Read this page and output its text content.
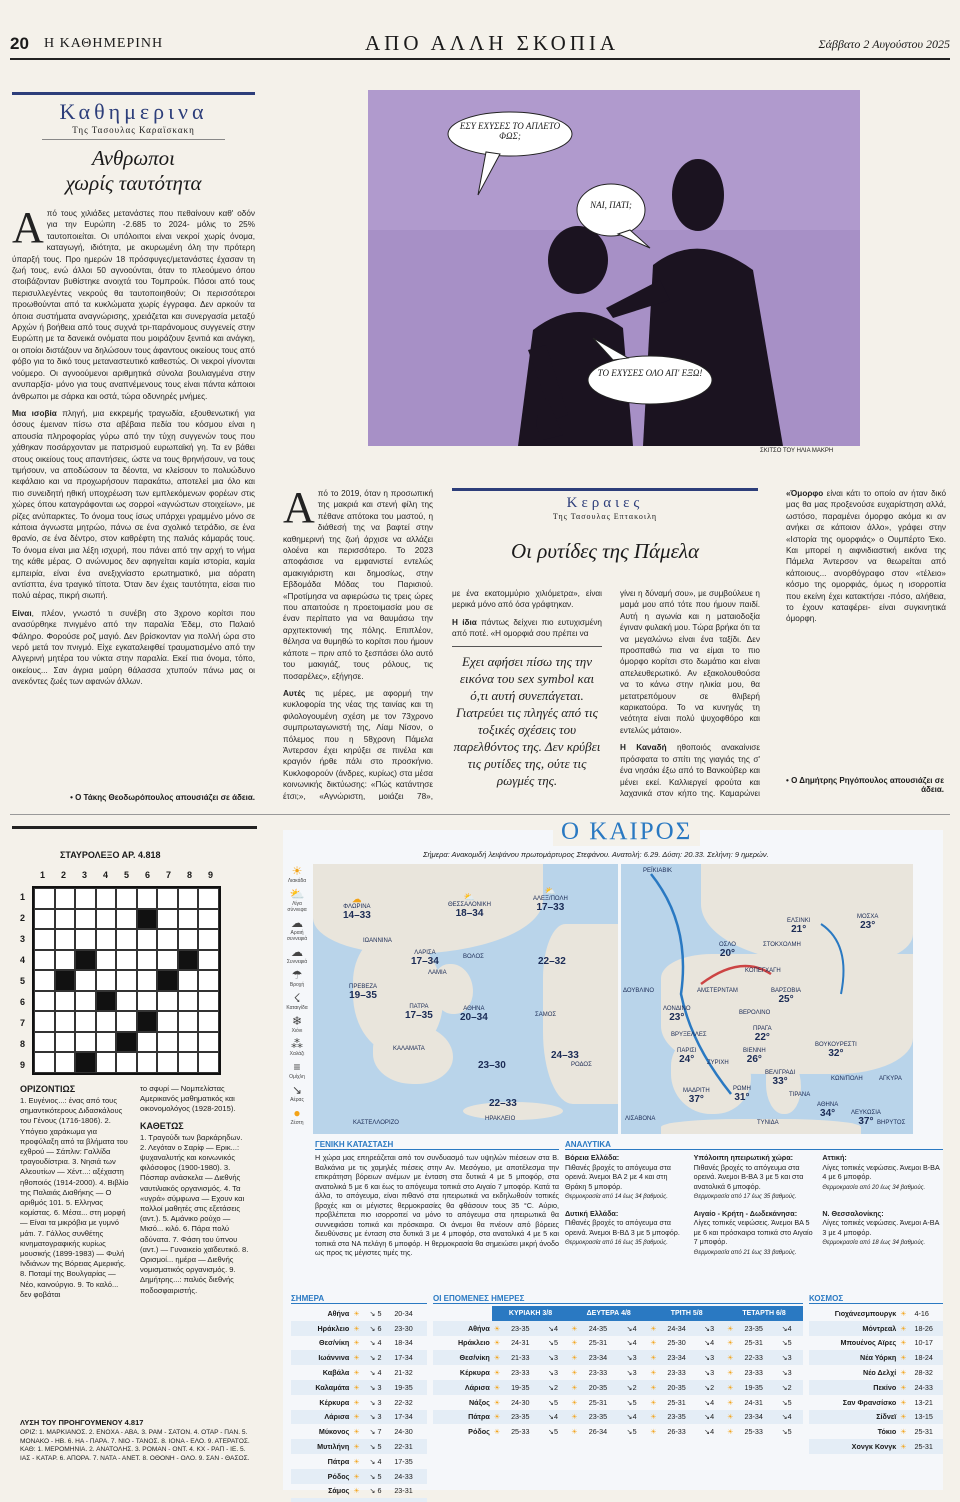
20 Η ΚΑΘΗΜΕΡΙΝΗ	ΑΠΟ ΑΛΛΗ ΣΚΟΠΙΑ	Σάββατο 2 Αυγούστου 2025
Καθημερινα
Της Τασουλας Καραϊσκακη
Ανθρωποι
χωρίς ταυτότητα

Από τους χιλιάδες μετανάστες που πεθαίνουν καθ' οδόν για την Ευρώπη -2.685 το 2024- μόλις το 25% ταυτοποιείται. Οι υπόλοιποι είναι νεκροί χωρίς όνομα, καταγωγή, ιδιότητα, με ακυρωμένη όλη την πρότερη ύπαρξή τους. Προ ημερών 18 πρόσφυγες/μετανάστες έχασαν τη ζωή τους, ενώ άλλοι 50 αγνοούνται, όταν το πλεούμενο όπου στοιβάζονταν βυθίστηκε ανοιχτά του Τομπρούκ. Πόσοι από τους περισυλλεγέντες νεκρούς θα ταυτοποιηθούν; Οι περισσότεροι προωθούνται από τα κυκλώματα χωρίς έγγραφα. Δεν αρκούν τα όποια συστήματα αναγνώρισης, χρειάζεται και συνεργασία μεταξύ Αρχών ή βοήθεια από τους συχνά τρι-παράνομους συγγενείς στην Ευρώπη με τα δανεικά ονόματα που μοιράζουν ξενιτιά και ανάγκη, οι οποίοι διστάζουν να δηλώσουν τους άφαντους οικείους τους από φόβο για το δικό τους μεταναστευτικό καθεστώς. Οι νεκροί γίνονται νούμερο. Οι αγνοούμενοι αριθμητικά σύνολα βουλιαγμένα στην ανυπαρξία- μόνο για τους αναπνέμενους τους είναι πάντα κάποιοι άνθρωποι με σάρκα και οστά, τώρα οδυνηρές μνήμες.

Μια ισοβία πληγή, μια εκκρεμής τραγωδία, εξουθενωτική για όσους έμειναν πίσω στα αβέβαια πεδία του κόσμου είναι η απουσία πληροφορίας γύρω από την τύχη συγγενών τους που χάθηκαν ποσάρχονταν με πατρισμού ευρωπαϊκή γη. Τα εν βάθει στους οικείους τους απαντήσεις, ώστε να τους θρηνήσουν, να τους τιμήσουν, να αποδώσουν τα δέοντα, να κλείσουν το πολυώδυνο κεφάλαιο και να προχωρήσουν παρακάτω, αποτελεί μια όλο και πιο συνειδητή ηθική υποχρέωση των εμπλεκόμενων φορέων στις χώρες όπου καταγράφονται ως σορροί «αγνώστων στοιχείων», με ρίζες ανύπαρκτες. Το όνομα τους ίσως υπάρχει γραμμένο μόνο σε κάποια άγνωστα μητρώο, πάνω σε ένα σχολικό τετράδιο, σε ένα θρανίο, σε ένα δέντρο, στον καθρέφτη της παλιάς κάμαράς τους. Το όνομα είναι μια λέξη ισχυρή, που πάνει από την αρχή το νήμα της κάθε μέρας. Ο ανώνυμος δεν αφηγείται καμία ιστορία, καμία εμπειρία, είναι ένα ανεξιχνίαστο ερωτηματικό, μια αόρατη αντίσπτα, ένα τραγικό τίποτα. Όταν δεν έχεις ταυτότητα, είσαι πιο πολύ αέρας, πικρή σιωπή.

Είναι, πλέον, γνωστό τι συνέβη στο 3χρονο κορίτσι που ανασύρθηκε πνιγμένο από την παραλία Έδεμ, στο Παλαιό Φάληρο. Φορούσε ροζ μαγιό. Δεν βρίσκονταν για πολλή ώρα στο νερό μετά τον πνιγμό. Είχε εγκαταλειφθεί τραυματισμένο από την Αλγερινή μητέρα του νύκτα στην παραλία. Εκεί πια όνομα, τόπο, οικείους... Σαν άγρια μαύρη θάλασσα χτυπούν πάνω μας οι ανεκόντες ζωές των αφανών άλλων.

• Ο Τάκης Θεοδωρόπουλος απουσιάζει σε άδεια.
ΕΣΥ ΕΧΥΣΕΣ ΤΟ ΑΠΛΕΤΟ ΦΩΣ;
ΝΑΙ, ΠΑΤΙ;
ΤΟ ΕΧΥΣΕΣ ΟΛΟ ΑΠ' ΕΞΩ!
ΣΚΙΤΣΟ ΤΟΥ ΗΛΙΑ ΜΑΚΡΗ

Από το 2019, όταν η προσωπική της μακριά και στενή φίλη της πέθανε απότοκα του μαστού, η διάθεσή της να βαφτεί στην καθημερινή της ζωή άρχισε να αλλάζει ολοένα και περισσότερο. Το 2023 αποφάσισε να εμφανιστεί εντελώς αμακιγιάριστη και δημοσίως, στην Εβδομάδα Μόδας του Παρισιού. «Προτίμησα να αφιερώσω τις τρεις ώρες που απαιτούσε η προετοιμασία μου σε έναν περίπατο για να θαυμάσω την αρχιτεκτονική της πόλης. Επιπλέον, θέλησα να θυμηθώ το κορίτσι που ήμουν κάποτε – πριν από το ξεσπάσει όλο αυτό του μακιγιάζ, τους ρόλους, τις ποσαρέλες», εξήγησε.

Αυτές τις μέρες, με αφορμή την κυκλοφορία της νέας της ταινίας και τη φιλολογουμένη σχέση με τον 73χρονο συμπρωταγωνιστή της, Λίαμ Νίσον, ο πόλεμος που η 58χρονη Πάμελα Άντερσον έχει κηρύξει σε πινέλα και κραγιόν ήρθε πάλι στο προσκήνιο. Κυκλοφορούν (άνδρες, κυρίως) στα μέσα κοινωνικής δικτύωσης: «Πώς κατάντησε έτσι;», «Αγνώριστη, μοιάζει 78»,

Κεραιες
Της Τασουλας Επτακοιλη
Οι ρυτίδες της Πάμελα

με ένα εκατομμύριο χιλιόμετρα», είναι μερικά μόνο από όσα γράφτηκαν.

Η ίδια πάντως δείχνει πιο ευτυχισμένη από ποτέ. «Η ομορφιά σου πρέπει να

Εχει αφήσει πίσω της την εικόνα του sex symbol και ό,τι αυτή συνεπάγεται. Γιατρεύει τις πληγές από τις τοξικές σχέσεις του παρελθόντος της. Δεν κρύβει τις ρυτίδες της, ούτε τις ρωγμές της.

γίνει η δύναμή σου», με συμβούλευε η μαμά μου από τότε που ήμουν παιδί. Αυτή η αγωνία και η ματαιοδοξία έγιναν φυλακή μου. Τώρα βρήκα ότι τα να μεγαλώνω είναι ένα ταξίδι. Δεν προσπαθώ πια να είμαι το πιο όμορφο κορίτσι στο δωμάτιο και είναι απελευθερωτικό. Αν εξακολουθούσα να το κάνω στην ηλικία μου, θα μετατρεπόμουν σε θλιβερή καρικατούρα. Το να κυνηγάς τη νεότητα είναι πολύ ψυχοφθόρο και εντελώς μάταιο».

Η Καναδή ηθοποιός ανακαίνισε πρόσφατα το σπίτι της γιαγιάς της σ' ένα νησάκι έξω από το Βανκούβερ και μένει εκεί. Καλλιεργεί φρούτα και λαχανικά στον κήπο της. Καμαρώνει

«Όμορφο είναι κάτι το οποίο αν ήταν δικό μας θα μας προξενούσε ευχαρίστηση αλλά, ωστόσο, παραμένει όμορφο ακόμα κι αν ανήκει σε κάποιον άλλο», γράφει στην «Ιστορία της ομορφιάς» ο Ουμπέρτο Έκο. Και μπορεί η αιφνιδιαστική εικόνα της Πάμελα Άντερσον να θεωρείται από κάποιους... ανορθόγραφο στον «τέλειο» κόσμο της ομορφιάς, όμως η ισορροπία που εκείνη έχει κατακτήσει -πόσο, αλήθεια, το έχουν καταφέρει- είναι συγκινητικά όμορφη.

• Ο Δημήτρης Ρηγόπουλος απουσιάζει σε άδεια.
ΣΤΑΥΡΟΛΕΞΟ ΑΡ. 4.818
1	2	3	4	5	6	7	8	9
1
2
3
4
5
6
7
8
9
ΟΡΙΖΟΝΤΙΩΣ
1. Ευγένιος...: ένας από τους σημαντικότερους Διδασκάλους του Γένους (1716-1806). 2. Υπόγειο χαράκωμα για προφύλαξη από τα βλήματα του εχθρού — Σάπλιν: Γαλλίδα τραγουδίστρια. 3. Νησιά των Αλεουτίων — Χέντ...: αξέχαστη ηθοποιός (1914-2000). 4. Βιβλίο της Παλαιάς Διαθήκης — Ο αριθμός 101. 5. Ελληνας κομίστας. 6. Μέσα... στη μορφή — Είναι τα μικρόβια με γυμνό μάτι. 7. Γάλλος συνθέτης κινηματογραφικής κυρίως μουσικής (1899-1983) — Φυλή Ινδιάνων της Βόρειας Αμερικής. 8. Ποταμί της Βουλγαρίας — Νέο, καινούργιο. 9. Το καλό... δεν φοβάται
το σφυρί — Νομπελίστας Αμερικανός μαθηματικός και οικονομολόγος (1928-2015).
ΚΑΘΕΤΩΣ
1. Τραγούδι των βαρκάρηδων. 2. Λεγόταν ο Σαρίφ — Ερικ...: ψυχαναλυτής και κοινωνικός φιλόσοφος (1900-1980). 3. Πόσπαρ ανάσκελα — Διεθνής ναυτιλιακός οργανισμός. 4. Τα «υγρά» σύμφωνα — Εχουν και πολλοί μαθητές στις εξετάσεις (αντ.). 5. Αμάνικο ρούχο — Μισό... κιλό. 6. Πάρα πολύ αδύνατα. 7. Φάση του ύπνου (αντ.) — Γυναικείο χαϊδευτικό. 8. Ορισμοί... ημέρα — Διεθνής νομισματικός οργανισμός. 9. Δημήτρης...: παλιός διεθνής ποδοσφαιριστής.
ΛΥΣΗ ΤΟΥ ΠΡΟΗΓΟΥΜΕΝΟΥ 4.817
ΟΡΙΖ: 1. ΜΑΡΚΙΑΝΟΣ. 2. ΕΝΟΧΑ - ΑΒΑ. 3. ΡΑΜ - ΣΑΤΟΝ. 4. ΟΤΑΡ - ΠΑΝ. 5. ΜΟΝΑΚΟ - ΗΒ. 6. ΗΑ - ΠΑΡΑ. 7. ΝΙΟ - ΤΑΝΟΣ. 8. ΙΟΝΑ - ΕΛΟ. 9. ΑΤΕΡΑΤΟΣ. ΚΑΘ: 1. ΜΕΡΟΜΗΝΙΑ. 2. ΑΝΑΤΟΛΗΣ. 3. ΡΟΜΑΝ - ΟΝΤ. 4. ΚΧ - ΡΑΠ - ΙΕ. 5. ΙΑΣ - ΚΑΤΑΡ. 6. ΑΠΟΡΑ. 7. ΝΑΤΑ - ΑΝΕΤ. 8. ΟΘΟΝΗ - ΟΛΟ. 9. ΣΑΝ - ΘΑΣΟΣ.
Ο ΚΑΙΡΟΣ
Σήμερα: Ανακομιδή λειψάνου πρωτομάρτυρος Στεφάνου. Ανατολή: 6.29. Δύση: 20.33. Σελήνη: 9 ημερών.
☀
Λιακάδα
⛅
Λίγα σύννεφα
☁
Αραιή συννεφιά
☁
Συννεφιά
☂
Βροχή
☇
Καταιγίδα
❄
Χιόνι
⁂
Χαλάζι
≡
Ομίχλη
↘
Αέρας
●
Ζέστη
☁

ΦΛΩΡΙΝΑ
14–33
⛅

ΘΕΣΣΑΛΟΝΙΚΗ
18–34
⛅

ΑΛΕΞ/ΠΟΛΗ
17–33
ΙΩΑΝΝΙΝΑ
ΛΑΡΙΣΑ
17–34	ΒΟΛΟΣ
ΛΑΜΙΑ
ΠΡΕΒΕΖΑ
19–35
ΠΑΤΡΑ
17–35
ΑΘΗΝΑ
20–34	ΣΑΜΟΣ
ΚΑΛΑΜΑΤΑ
ΡΟΔΟΣ
ΗΡΑΚΛΕΙΟ
ΚΑΣΤΕΛΛΟΡΙΖΟ
22–32
23–30
24–33
22–33
ΡΕΪΚΙΑΒΙΚ
ΕΛΣΙΝΚΙ
21°
ΣΤΟΚΧΟΛΜΗ
ΜΟΣΧΑ
23°
ΟΣΛΟ
20°
ΚΟΠΕΓΧΑΓΗ
ΔΟΥΒΛΙΝΟ	ΑΜΣΤΕΡΝΤΑΜ	ΒΑΡΣΟΒΙΑ
25°
ΛΟΝΔΙΝΟ
23°	ΒΕΡΟΛΙΝΟ
ΒΡΥΞΕΛΛΕΣ
ΠΡΑΓΑ
22°
ΠΑΡΙΣΙ
24°	ΖΥΡΙΧΗ
ΒΙΕΝΝΗ
26°
ΒΟΥΚΟΥΡΕΣΤΙ
32°
ΒΕΛΙΓΡΑΔΙ
33°
ΤΙΡΑΝΑ
ΚΩΝ/ΠΟΛΗ	ΑΓΚΥΡΑ
ΜΑΔΡΙΤΗ
37°
ΡΩΜΗ
31°
ΛΙΣΑΒΟΝΑ
ΑΘΗΝΑ
34°	ΛΕΥΚΩΣΙΑ
37°
ΤΥΝΙΔΑ	ΒΗΡΥΤΟΣ
ΓΕΝΙΚΗ ΚΑΤΑΣΤΑΣΗ
Η χώρα μας επηρεάζεται από τον συνδυασμό των υψηλών πιέσεων στα Β. Βαλκάνια με τις χαμηλές πιέσεις στην Αν. Μεσόγειο, με αποτέλεσμα την επικράτηση βόρειων ανέμων με ένταση στα δυτικά 4 με 5 μποφόρ, στα ανατολικά 5 με 6 και έως το απόγευμα τοπικά στο Αιγαίο 7 μποφόρ. Κατά τα άλλα, το απόγευμα, είναι πιθανό στα ηπειρωτικά να εκδηλωθούν τοπικές βροχές και οι μέγιστες θερμοκρασίες θα φθάσουν τους 35 °C. Αύριο, προβλέπεται πιο ισορροπεί να μόνο το απόγευμα στα ηπειρωτικά θα συννεφιάσει τοπικά και πρόσκαιρα. Οι άνεμοι θα πνέουν από βόρειες διευθύνσεις με ένταση στα δυτικά 3 με 4 μποφόρ, στα ανατολικά 4 με 5 και τοπικά στα ΝΑ πελάγη 6 μποφόρ. Η θερμοκρασία θα σημειώσει μικρή άνοδο ως προς τις μέγιστες τιμές της.
ΑΝΑΛΥΤΙΚΑ
Βόρεια Ελλάδα:
Πιθανές βροχές το απόγευμα στα ορεινά. Άνεμοι ΒΑ 2 με 4 και στη Θράκη 5 μποφόρ.
Θερμοκρασία από 14 έως 34 βαθμούς.
Υπόλοιπη ηπειρωτική χώρα:
Πιθανές βροχές το απόγευμα στα ορεινά. Άνεμοι Β-ΒΑ 3 με 5 και στα ανατολικά 6 μποφόρ.
Θερμοκρασία από 17 έως 35 βαθμούς.
Αττική:
Λίγες τοπικές νεφώσεις. Άνεμοι Β-ΒΑ 4 με 6 μποφόρ.
Θερμοκρασία από 20 έως 34 βαθμούς.
Δυτική Ελλάδα:
Πιθανές βροχές το απόγευμα στα ορεινά. Άνεμοι Β-ΒΔ 3 με 5 μποφόρ.
Θερμοκρασία από 16 έως 35 βαθμούς.
Αιγαίο - Κρήτη - Δωδεκάνησα:
Λίγες τοπικές νεφώσεις. Άνεμοι ΒΑ 5 με 6 και πρόσκαιρα τοπικά στο Αιγαίο 7 μποφόρ.
Θερμοκρασία από 21 έως 33 βαθμούς.
Ν. Θεσσαλονίκης:
Λίγες τοπικές νεφώσεις. Άνεμοι Α-ΒΑ 3 με 4 μποφόρ.
Θερμοκρασία από 18 έως 34 βαθμούς.
ΣΗΜΕΡΑ
Αθήνα	☀	↘ 5	20-34
Ηράκλειο	☀	↘ 6	23-30
Θεσ/νίκη	☀	↘ 4	18-34
Ιωάννινα	☀	↘ 2	17-34
Καβάλα	☀	↘ 4	21-32
Καλαμάτα	☀	↘ 3	19-35
Κέρκυρα	☀	↘ 3	22-32
Λάρισα	☀	↘ 3	17-34
Μύκονος	☀	↘ 7	24-30
Μυτιλήνη	☀	↘ 5	22-31
Πάτρα	☀	↘ 4	17-35
Ρόδος	☀	↘ 5	24-33
Σάμος	☀	↘ 6	23-31

ΟΙ ΕΠΟΜΕΝΕΣ ΗΜΕΡΕΣ
	ΚΥΡΙΑΚΗ 3/8			ΔΕΥΤΕΡΑ 4/8			ΤΡΙΤΗ 5/8			ΤΕΤΑΡΤΗ 6/8		
Αθήνα	☀	23-35	↘4	☀	24-35	↘4	☀	24-34	↘3	☀	23-35	↘4
Ηράκλειο	☀	24-31	↘5	☀	25-31	↘4	☀	25-30	↘4	☀	25-31	↘5
Θεσ/νίκη	☀	21-33	↘3	☀	23-34	↘3	☀	23-34	↘3	☀	22-33	↘3
Κέρκυρα	☀	23-33	↘3	☀	23-33	↘3	☀	23-33	↘3	☀	23-33	↘3
Λάρισα	☀	19-35	↘2	☀	20-35	↘2	☀	20-35	↘2	☀	19-35	↘2
Νάξος	☀	24-30	↘5	☀	25-31	↘5	☀	25-31	↘4	☀	24-31	↘5
Πάτρα	☀	23-35	↘4	☀	23-35	↘4	☀	23-35	↘4	☀	23-34	↘4
Ρόδος	☀	25-33	↘5	☀	26-34	↘5	☀	26-33	↘4	☀	25-33	↘5
ΚΟΣΜΟΣ
Γιοχάνεσμπουργκ	☀	4-16
Μόντρεαλ	☀	18-26
Μπουένος Αϊρες	☀	10-17
Νέα Υόρκη	☀	18-24
Νέο Δελχί	☀	28-32
Πεκίνο	☀	24-33
Σαν Φρανσίσκο	☀	13-21
Σίδνεϊ	☀	13-15
Τόκιο	☀	25-31
Χονγκ Κονγκ	☀	25-31
